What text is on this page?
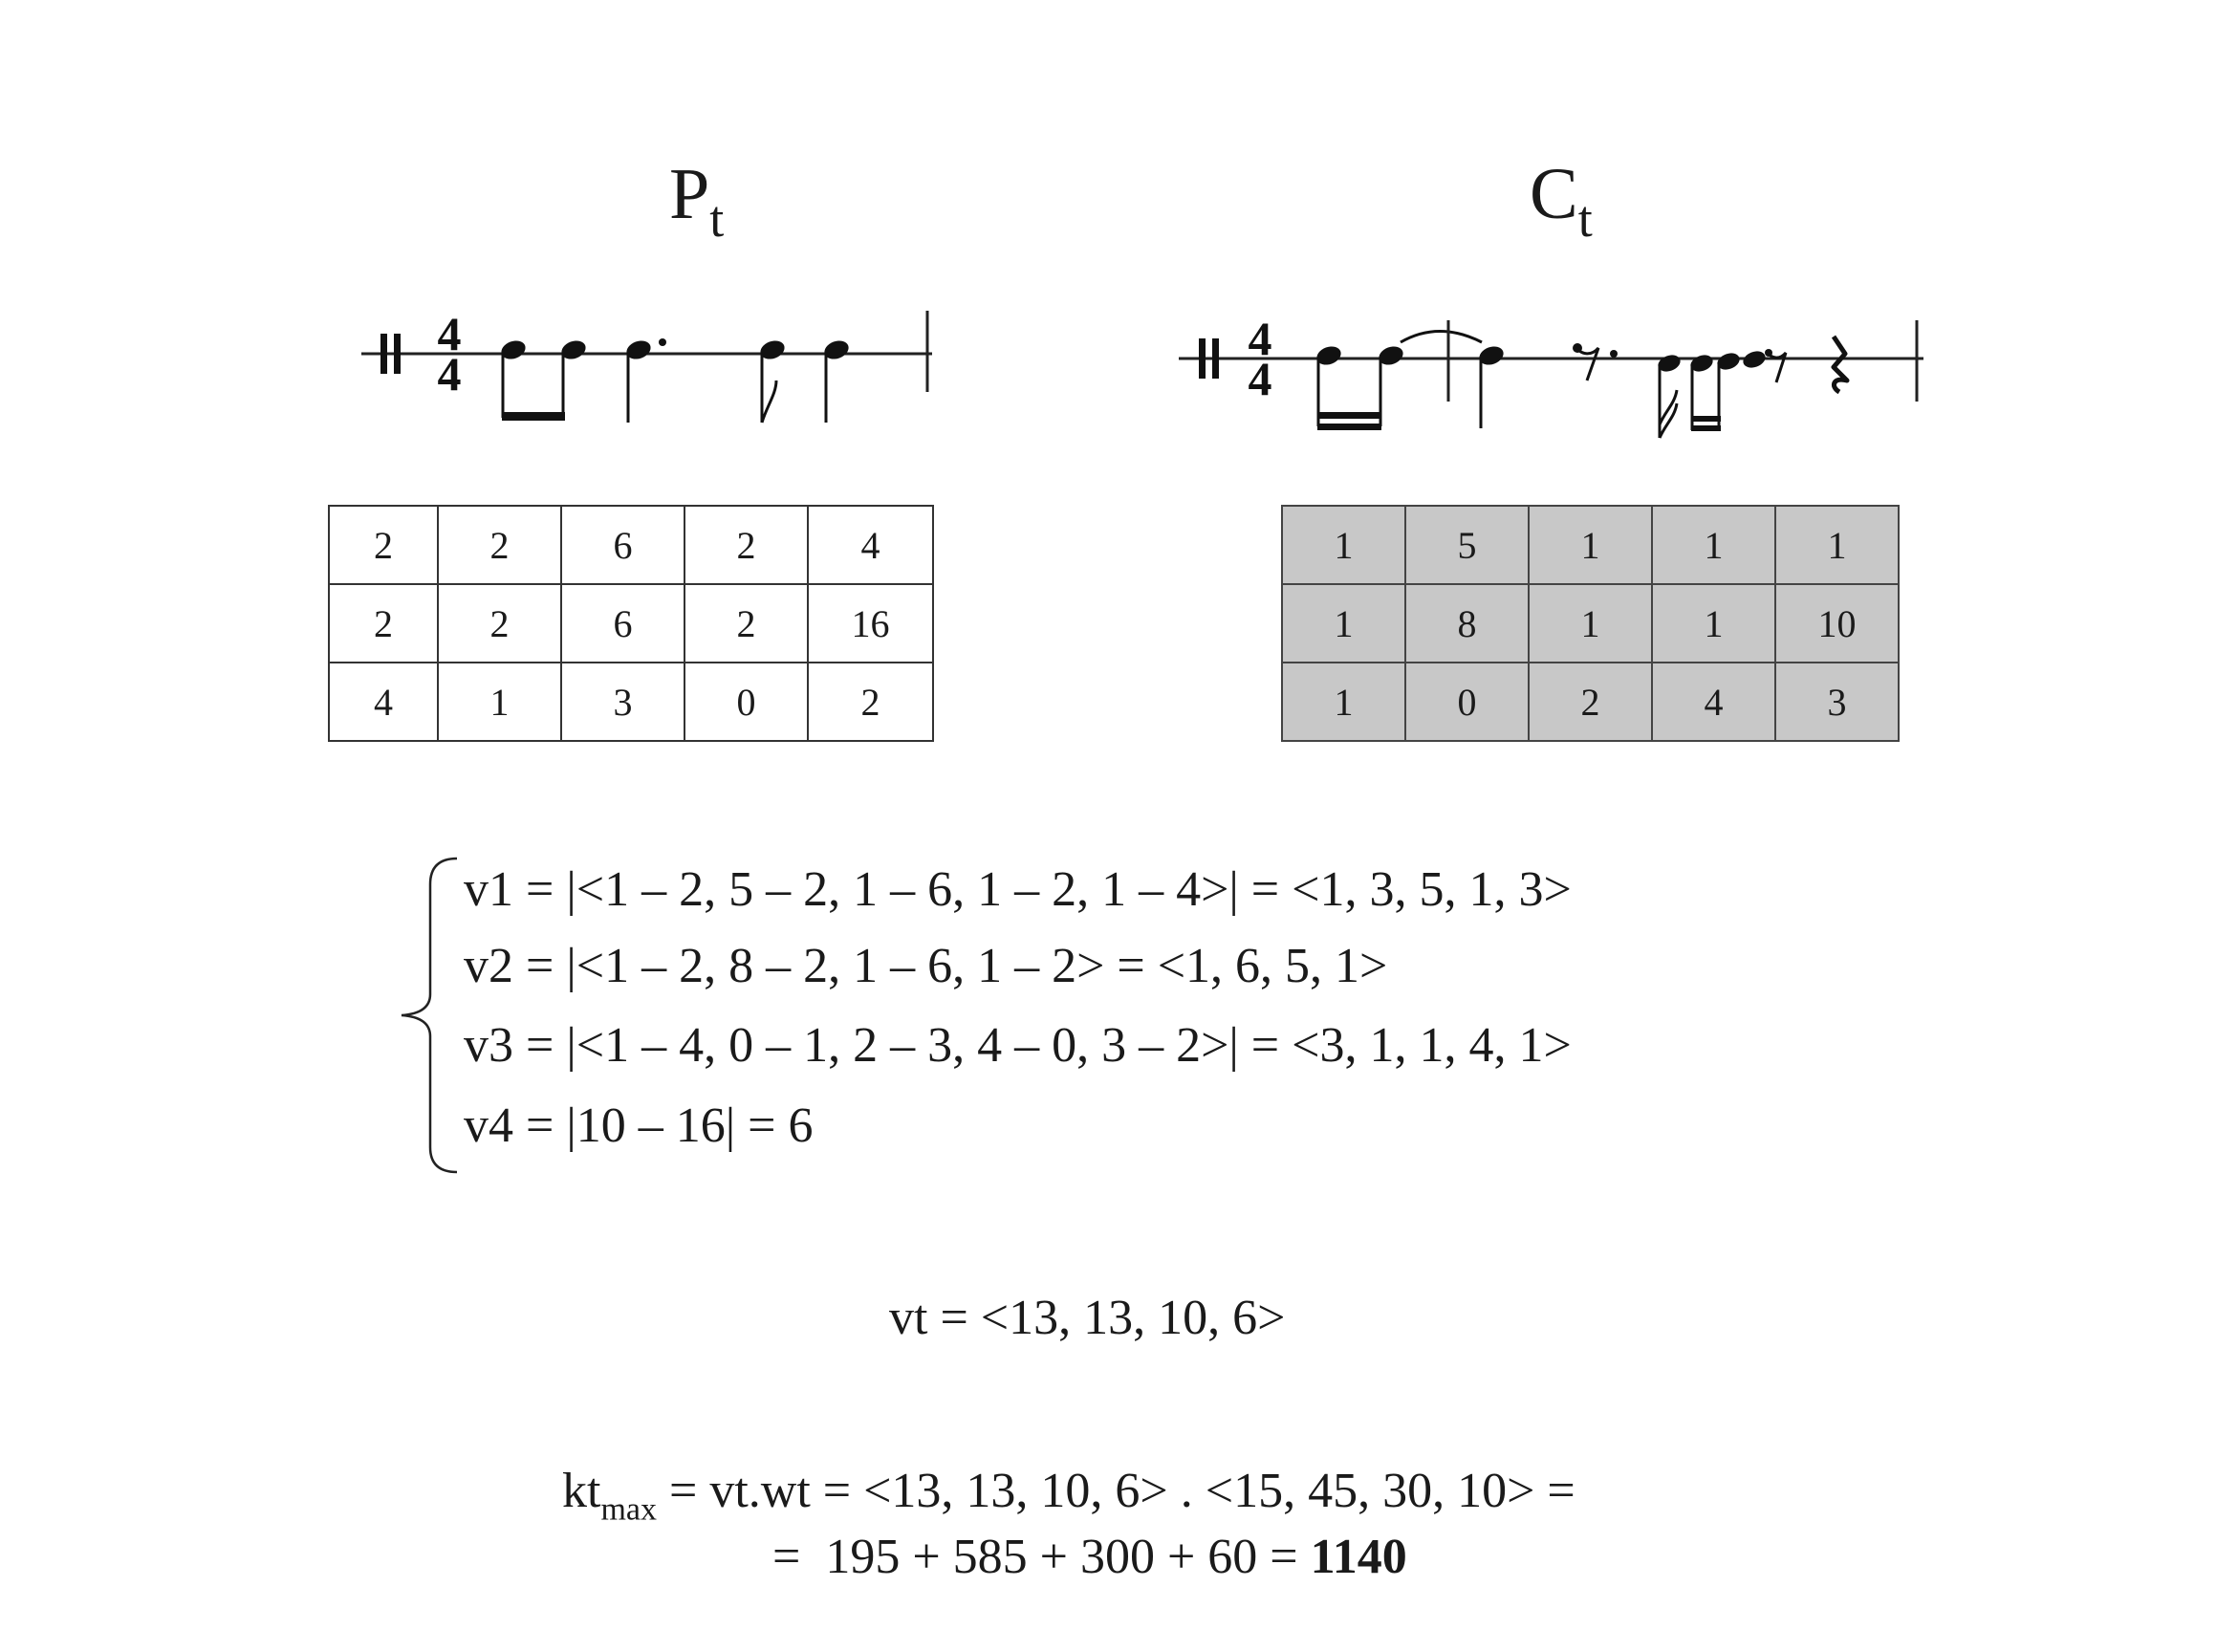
$P_t$	$C_t$
4
4
4
4
2	2	6	2	4
2	2	6	2	16
4	1	3	0	2
1	5	1	1	1
1	8	1	1	10
1	0	2	4	3
v1 = |<1 – 2, 5 – 2, 1 – 6, 1 – 2, 1 – 4>| = <1, 3, 5, 1, 3>
v2 = |<1 – 2, 8 – 2, 1 – 6, 1 – 2> = <1, 6, 5, 1>
v3 = |<1 – 4, 0 – 1, 2 – 3, 4 – 0, 3 – 2>| = <3, 1, 1, 4, 1>
v4 = |10 – 16| = 6
vt = <13, 13, 10, 6>
$kt_{max} = vt.wt = <13$, 13, 10, 6> . <15, 45, 30, 10> =
=  195 + 585 + 300 + 60 = 1140
